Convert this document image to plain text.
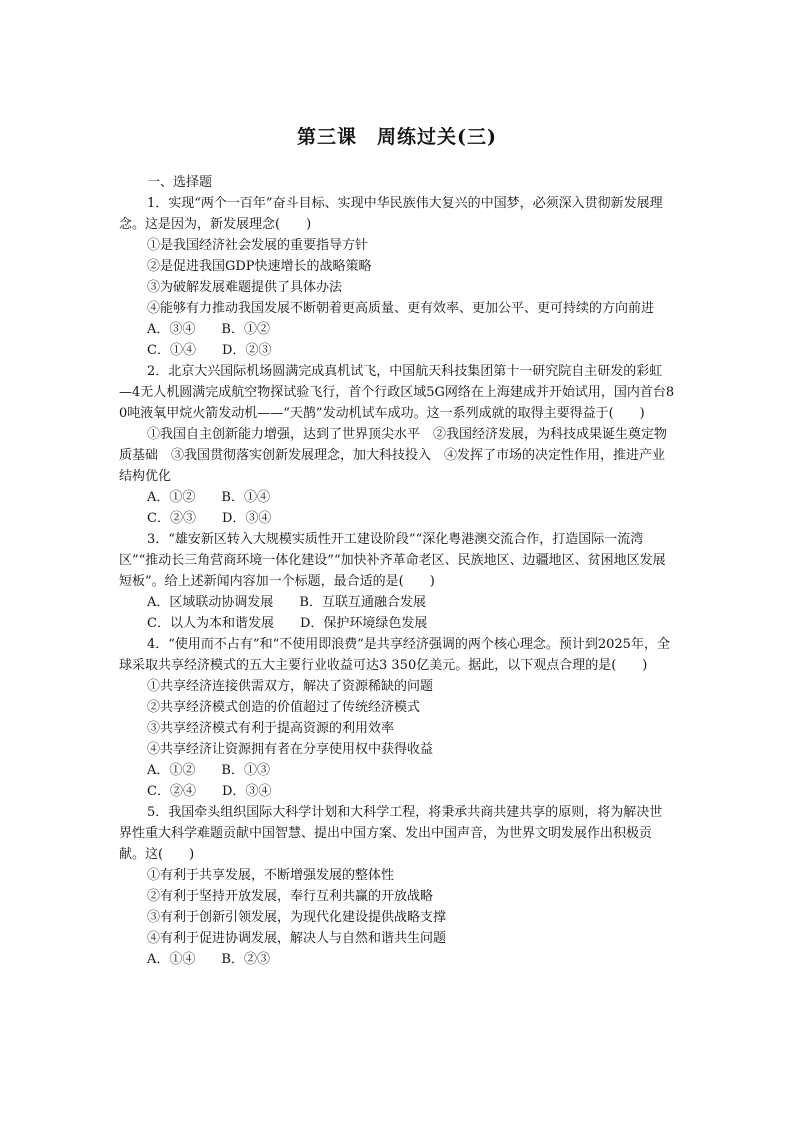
第三课　周练过关(三)
一、选择题
1．实现“两个一百年”奋斗目标、实现中华民族伟大复兴的中国梦，必须深入贯彻新发展理念。这是因为，新发展理念(　　)
①是我国经济社会发展的重要指导方针
②是促进我国GDP快速增长的战略策略
③为破解发展难题提供了具体办法
④能够有力推动我国发展不断朝着更高质量、更有效率、更加公平、更可持续的方向前进
A．③④　　B．①②
C．①④　　D．②③
2．北京大兴国际机场圆满完成真机试飞，中国航天科技集团第十一研究院自主研发的彩虹—4无人机圆满完成航空物探试验飞行，首个行政区域5G网络在上海建成并开始试用，国内首台80吨液氧甲烷火箭发动机——“天鹊”发动机试车成功。这一系列成就的取得主要得益于(　　)
①我国自主创新能力增强，达到了世界顶尖水平　②我国经济发展，为科技成果诞生奠定物质基础　③我国贯彻落实创新发展理念，加大科技投入　④发挥了市场的决定性作用，推进产业结构优化
A．①②　　B．①④
C．②③　　D．③④
3．“雄安新区转入大规模实质性开工建设阶段”“深化粤港澳交流合作，打造国际一流湾区”“推动长三角营商环境一体化建设”“加快补齐革命老区、民族地区、边疆地区、贫困地区发展短板”。给上述新闻内容加一个标题，最合适的是(　　)
A．区域联动协调发展　　B．互联互通融合发展
C．以人为本和谐发展　　D．保护环境绿色发展
4．“使用而不占有”和“不使用即浪费”是共享经济强调的两个核心理念。预计到2025年，全球采取共享经济模式的五大主要行业收益可达3 350亿美元。据此，以下观点合理的是(　　)
①共享经济连接供需双方，解决了资源稀缺的问题
②共享经济模式创造的价值超过了传统经济模式
③共享经济模式有利于提高资源的利用效率
④共享经济让资源拥有者在分享使用权中获得收益
A．①②　　B．①③
C．②④　　D．③④
5．我国牵头组织国际大科学计划和大科学工程，将秉承共商共建共享的原则，将为解决世界性重大科学难题贡献中国智慧、提出中国方案、发出中国声音，为世界文明发展作出积极贡献。这(　　)
①有利于共享发展，不断增强发展的整体性
②有利于坚持开放发展，奉行互利共赢的开放战略
③有利于创新引领发展，为现代化建设提供战略支撑
④有利于促进协调发展，解决人与自然和谐共生问题
A．①④　　B．②③
